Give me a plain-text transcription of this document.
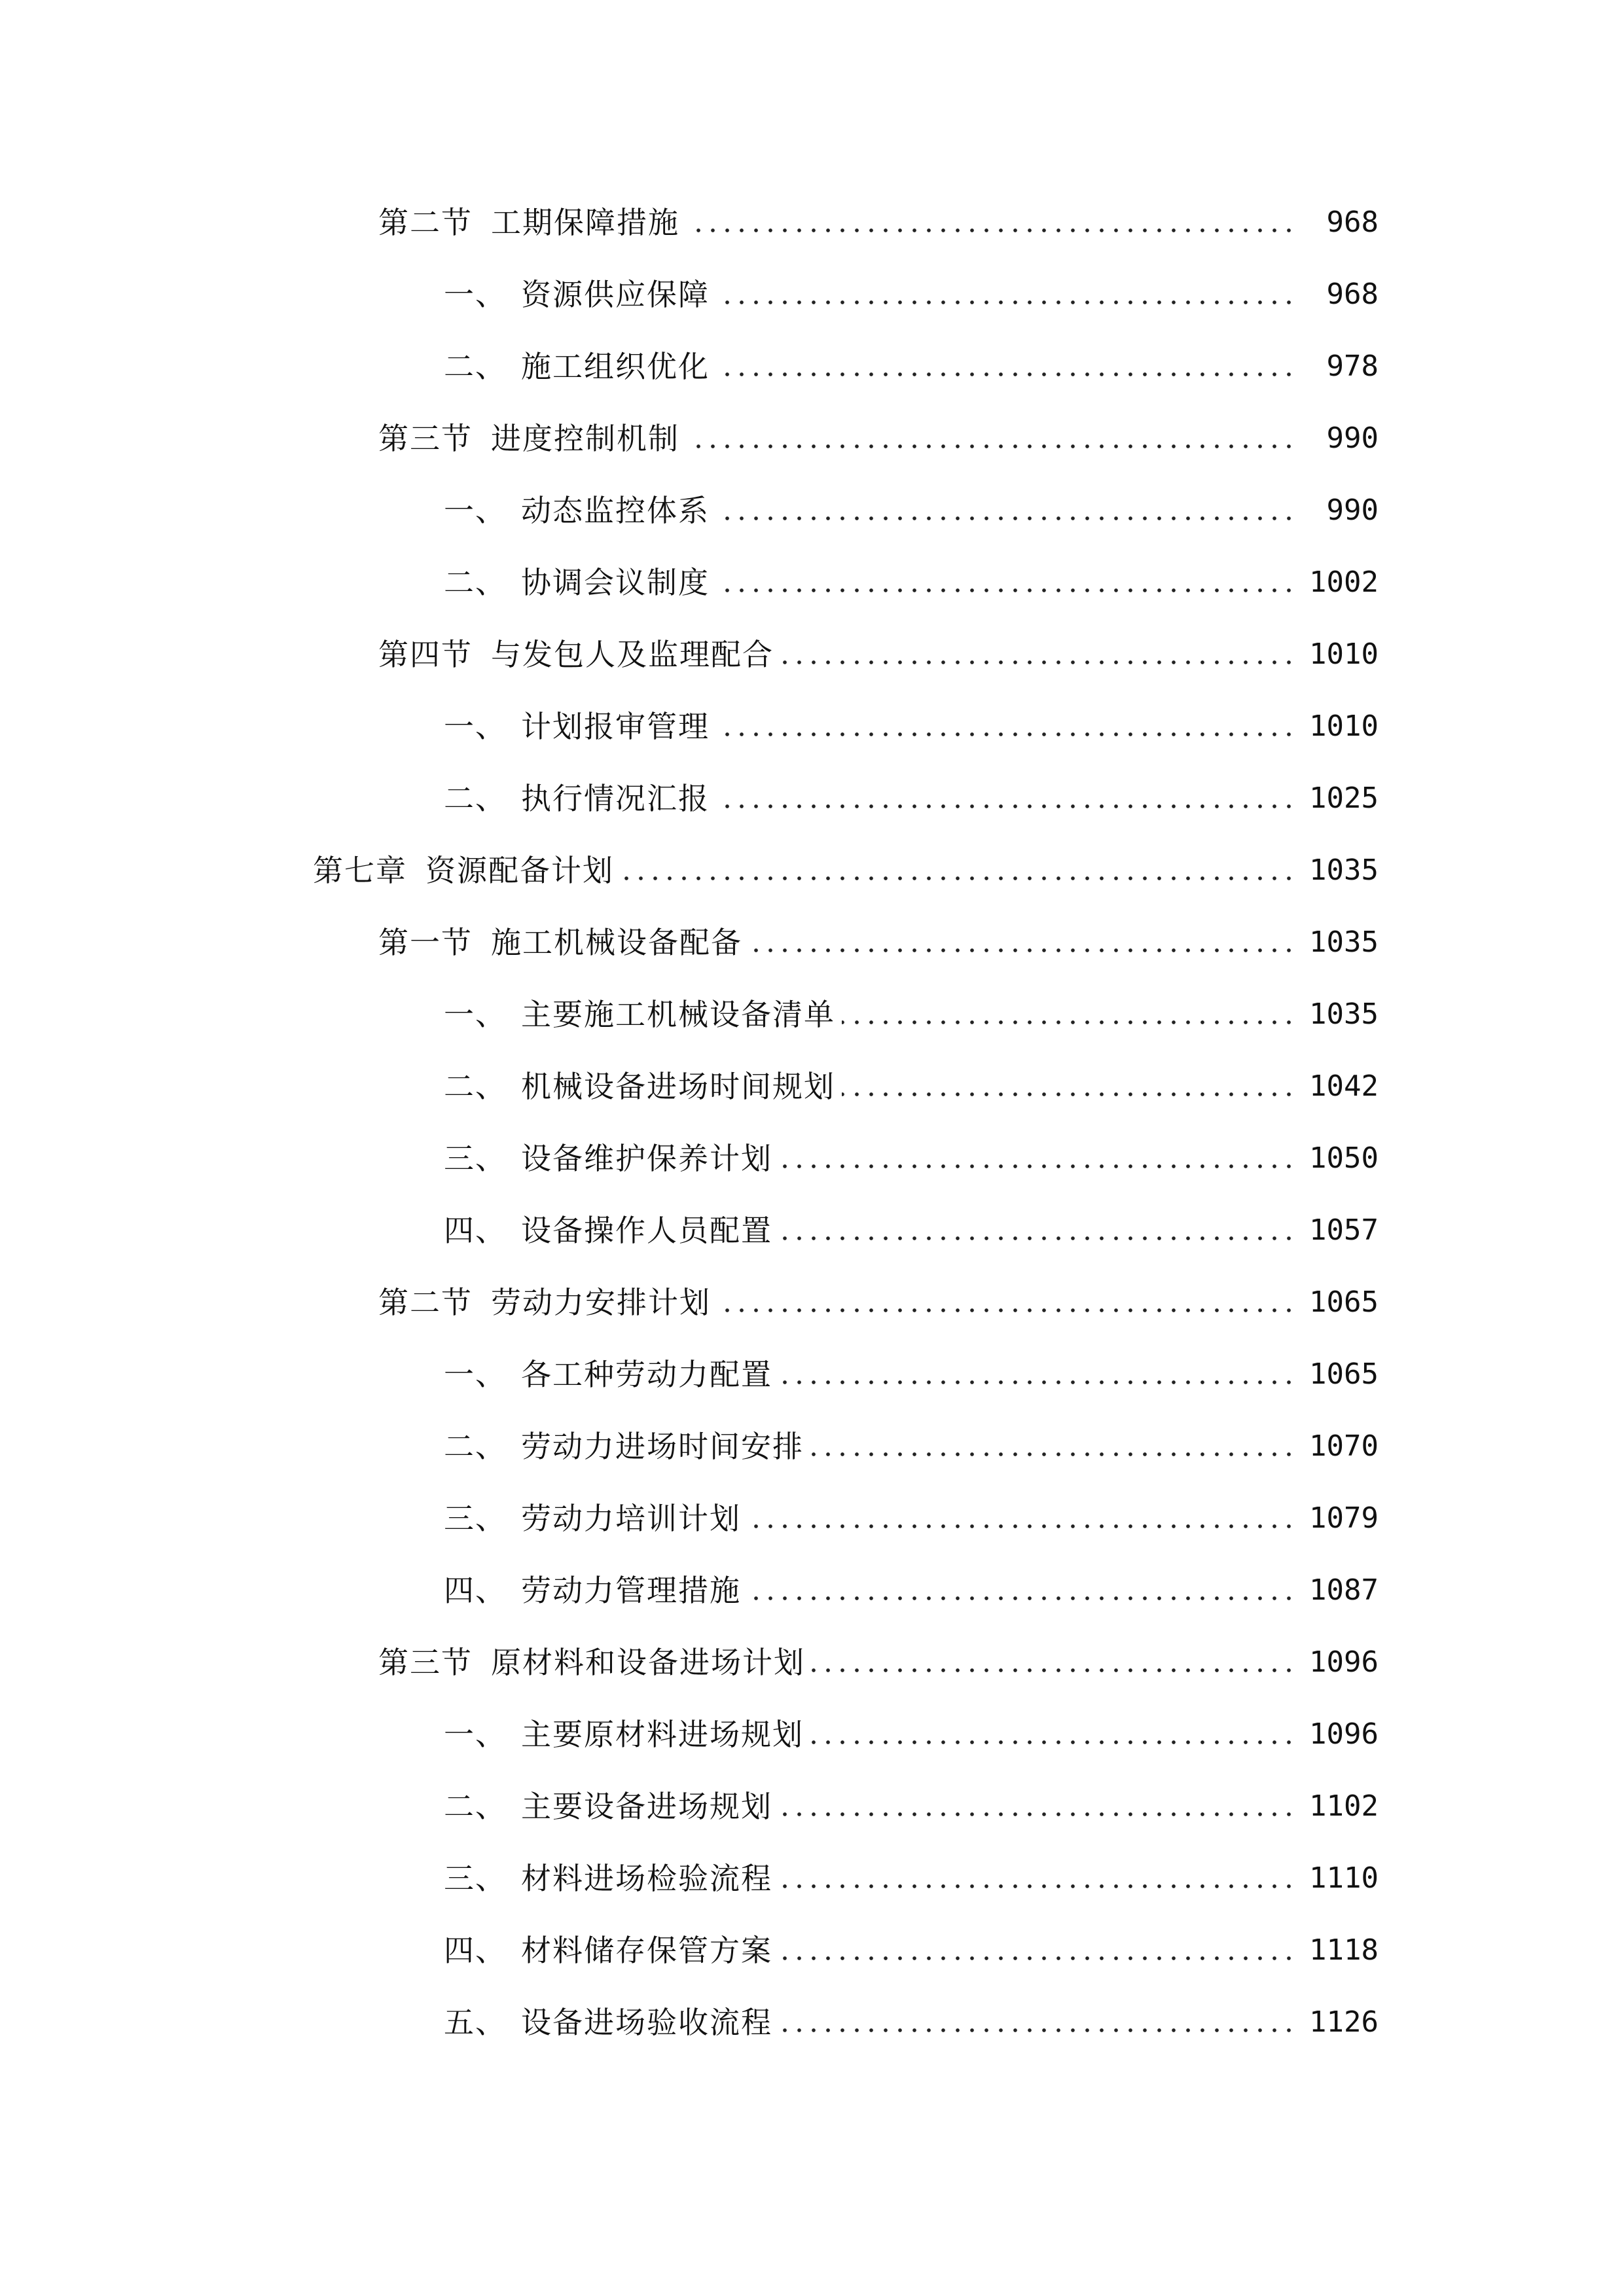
第二节 工期保障措施	968
一、 资源供应保障	968
二、 施工组织优化	978
第三节 进度控制机制	990
一、 动态监控体系	990
二、 协调会议制度	1002
第四节 与发包人及监理配合	1010
一、 计划报审管理	1010
二、 执行情况汇报	1025
第七章 资源配备计划	1035
第一节 施工机械设备配备	1035
一、 主要施工机械设备清单	1035
二、 机械设备进场时间规划	1042
三、 设备维护保养计划	1050
四、 设备操作人员配置	1057
第二节 劳动力安排计划	1065
一、 各工种劳动力配置	1065
二、 劳动力进场时间安排	1070
三、 劳动力培训计划	1079
四、 劳动力管理措施	1087
第三节 原材料和设备进场计划	1096
一、 主要原材料进场规划	1096
二、 主要设备进场规划	1102
三、 材料进场检验流程	1110
四、 材料储存保管方案	1118
五、 设备进场验收流程	1126
